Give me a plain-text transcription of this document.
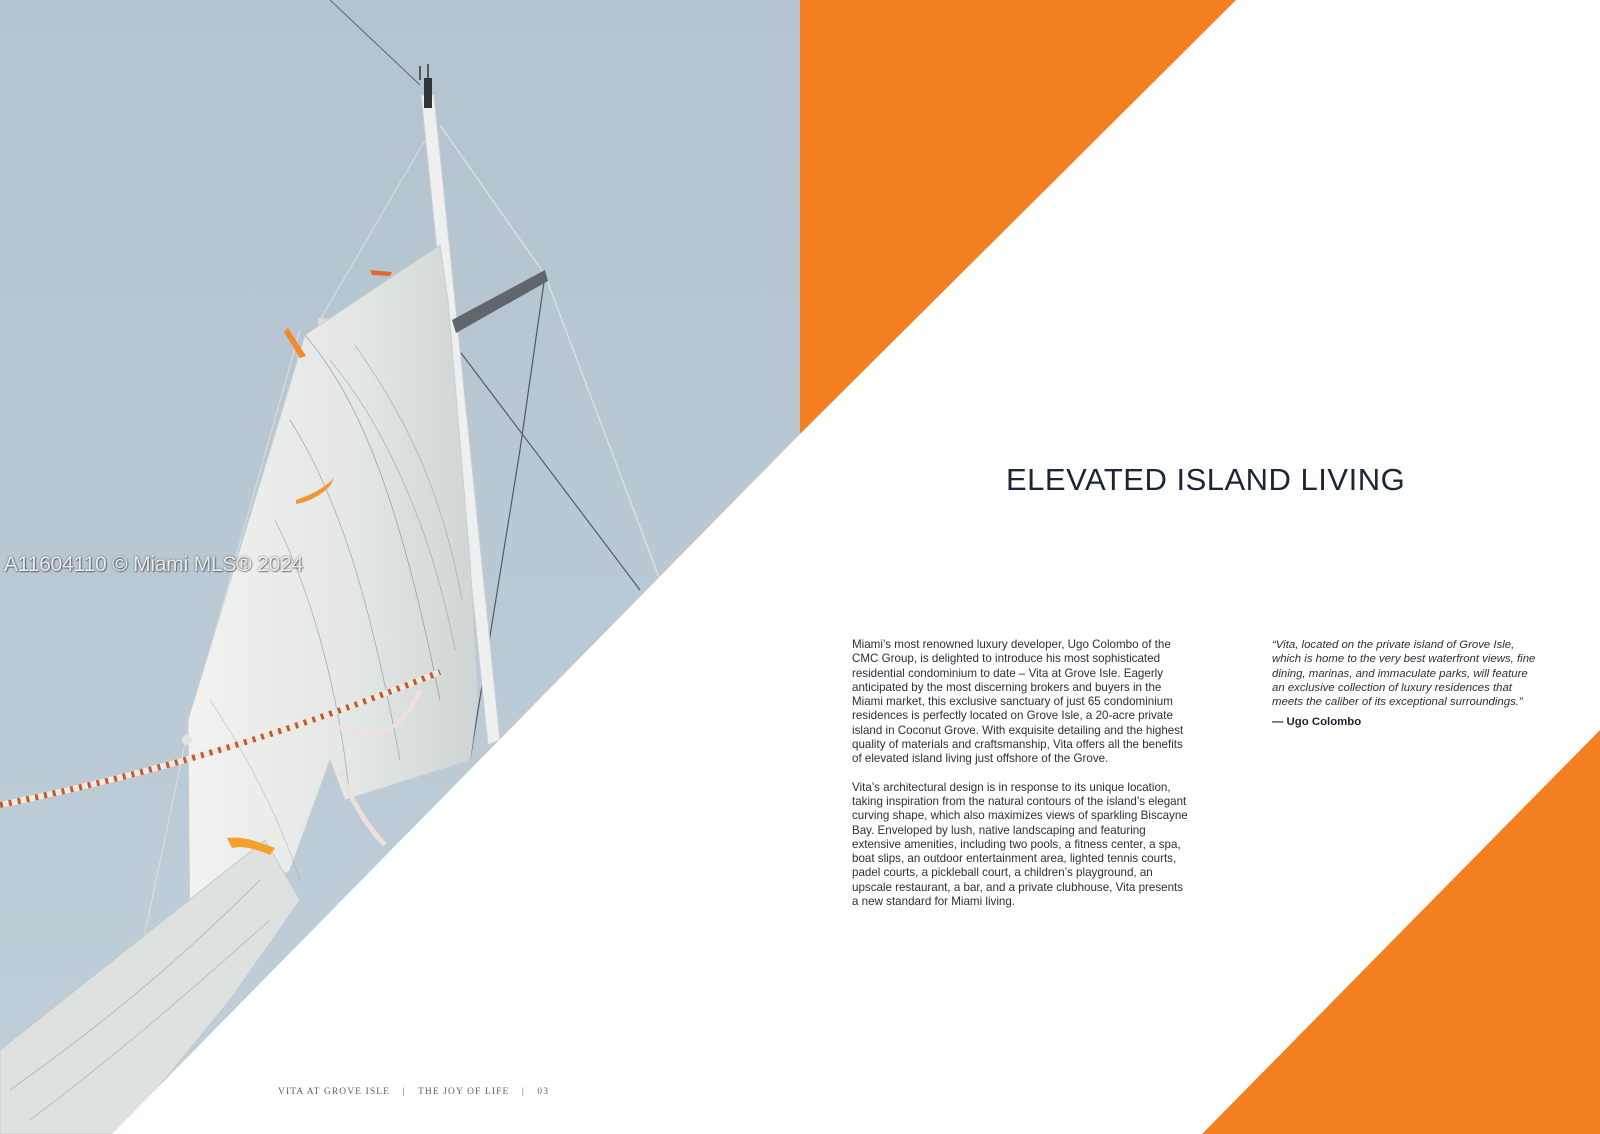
A11604110 © Miami MLS® 2024
ELEVATED ISLAND LIVING

Miami’s most renowned luxury developer, Ugo Colombo of the CMC Group, is delighted to introduce his most sophisticated residential condominium to date – Vita at Grove Isle. Eagerly anticipated by the most discerning brokers and buyers in the Miami market, this exclusive sanctuary of just 65 condominium residences is perfectly located on Grove Isle, a 20-acre private island in Coconut Grove. With exquisite detailing and the highest quality of materials and craftsmanship, Vita offers all the benefits of elevated island living just offshore of the Grove.

Vita’s architectural design is in response to its unique location, taking inspiration from the natural contours of the island’s elegant curving shape, which also maximizes views of sparkling Biscayne Bay. Enveloped by lush, native landscaping and featuring extensive amenities, including two pools, a fitness center, a spa, boat slips, an outdoor entertainment area, lighted tennis courts, padel courts, a pickleball court, a children’s playground, an upscale restaurant, a bar, and a private clubhouse, Vita presents a new standard for Miami living.

“Vita, located on the private island of Grove Isle, which is home to the very best waterfront views, fine dining, marinas, and immaculate parks, will feature an exclusive collection of luxury residences that meets the caliber of its exceptional surroundings.”

— Ugo Colombo

VITA AT GROVE ISLE | THE JOY OF LIFE | 03
